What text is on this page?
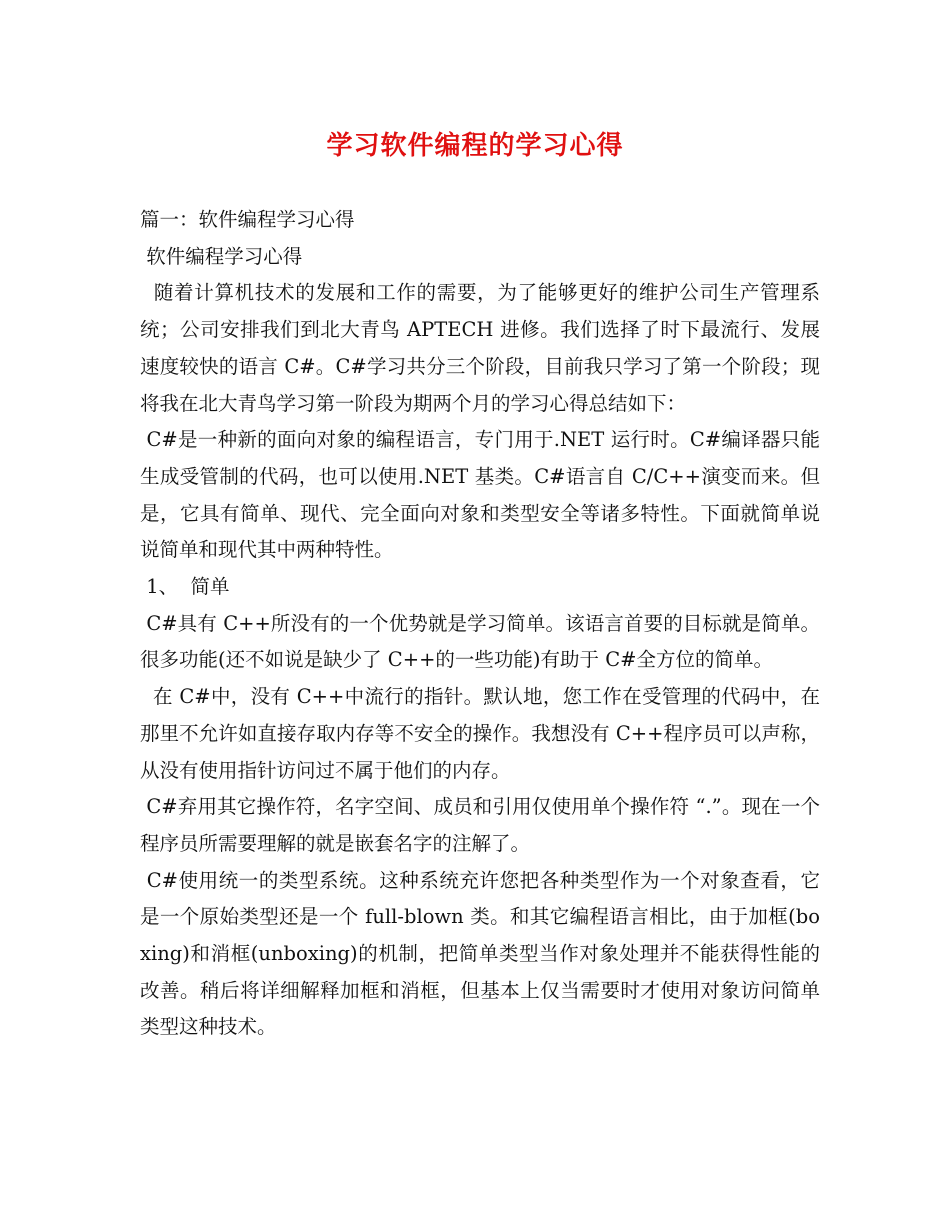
学习软件编程的学习心得

篇一：软件编程学习心得

软件编程学习心得

随着计算机技术的发展和工作的需要，为了能够更好的维护公司生产管理系统；公司安排我们到北大青鸟 APTECH 进修。我们选择了时下最流行、发展速度较快的语言 C#。C#学习共分三个阶段，目前我只学习了第一个阶段；现将我在北大青鸟学习第一阶段为期两个月的学习心得总结如下：

C#是一种新的面向对象的编程语言，专门用于.NET 运行时。C#编译器只能生成受管制的代码，也可以使用.NET 基类。C#语言自 C/C++演变而来。但是，它具有简单、现代、完全面向对象和类型安全等诸多特性。下面就简单说说简单和现代其中两种特性。

1、  简单

C#具有 C++所没有的一个优势就是学习简单。该语言首要的目标就是简单。很多功能(还不如说是缺少了 C++的一些功能)有助于 C#全方位的简单。

在 C#中，没有 C++中流行的指针。默认地，您工作在受管理的代码中，在那里不允许如直接存取内存等不安全的操作。我想没有 C++程序员可以声称，从没有使用指针访问过不属于他们的内存。

C#弃用其它操作符，名字空间、成员和引用仅使用单个操作符 “.”。现在一个程序员所需要理解的就是嵌套名字的注解了。

C#使用统一的类型系统。这种系统充许您把各种类型作为一个对象查看，它是一个原始类型还是一个 full-blown 类。和其它编程语言相比，由于加框(boxing)和消框(unboxing)的机制，把简单类型当作对象处理并不能获得性能的改善。稍后将详细解释加框和消框，但基本上仅当需要时才使用对象访问简单类型这种技术。
